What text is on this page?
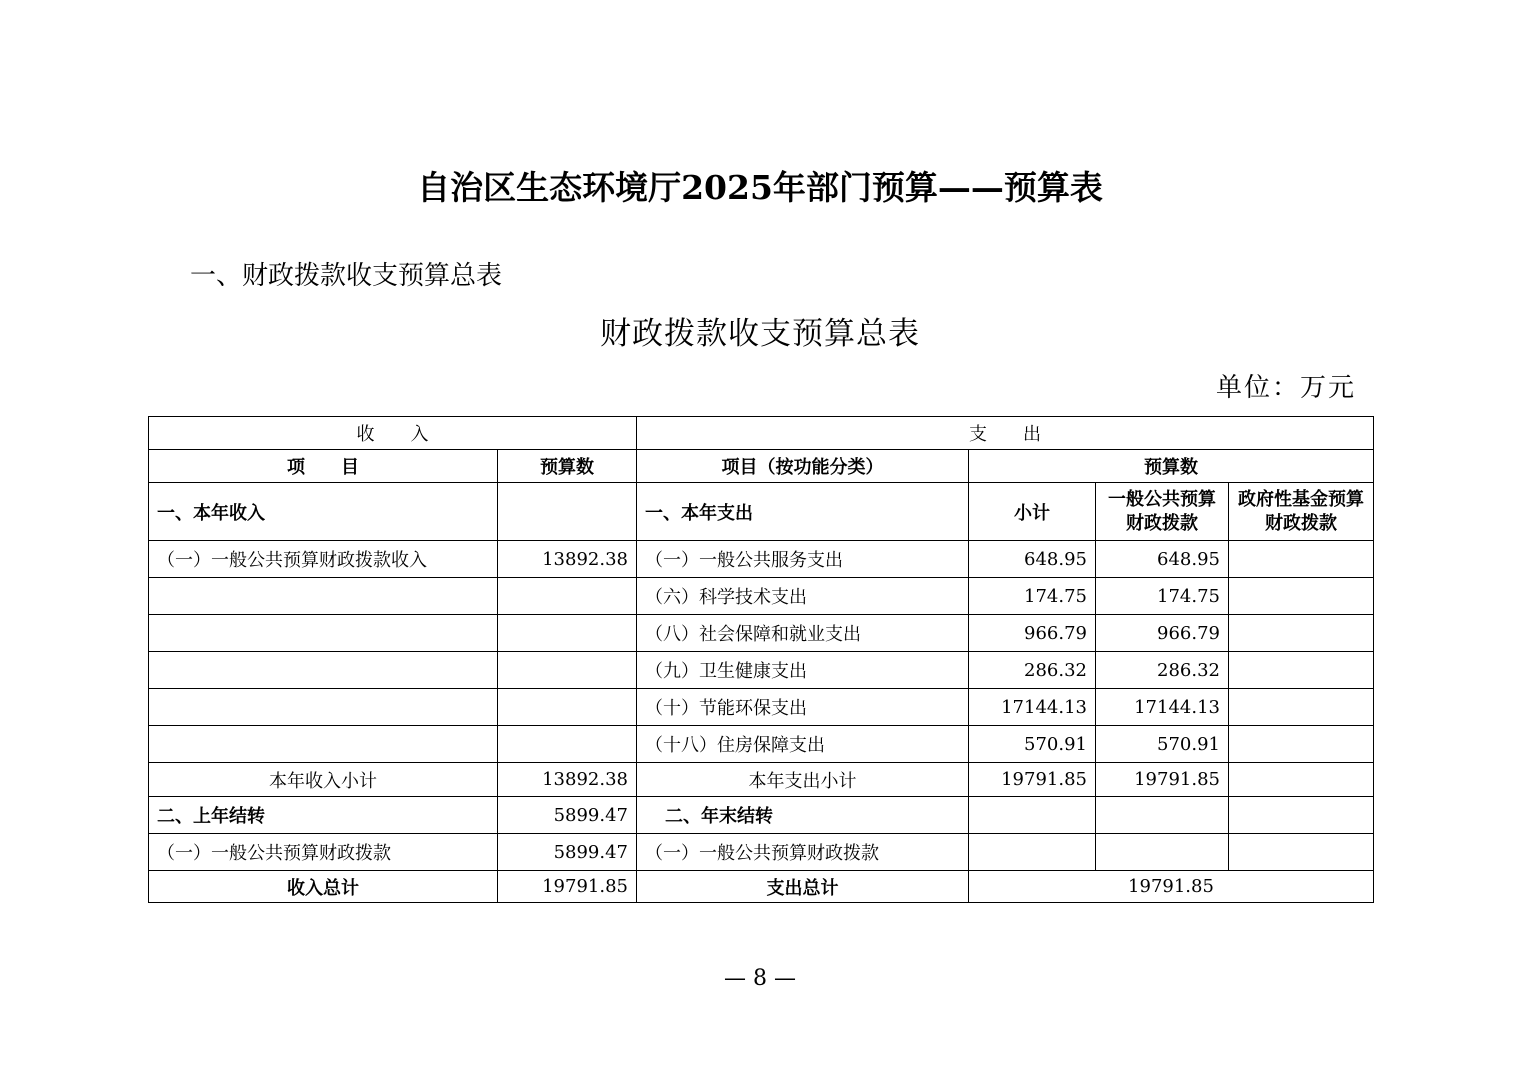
自治区生态环境厅2025年部门预算——预算表
一、财政拨款收支预算总表
财政拨款收支预算总表
单位：万元
收　　入		支　　出			
项　　目	预算数	项目（按功能分类）	预算数		
一、本年收入		一、本年支出	小计	一般公共预算财政拨款	政府性基金预算财政拨款
（一）一般公共预算财政拨款收入	13892.38	（一）一般公共服务支出	648.95	648.95	
		（六）科学技术支出	174.75	174.75	
		（八）社会保障和就业支出	966.79	966.79	
		（九）卫生健康支出	286.32	286.32	
		（十）节能环保支出	17144.13	17144.13	
		（十八）住房保障支出	570.91	570.91	
本年收入小计	13892.38	本年支出小计	19791.85	19791.85	
二、上年结转	5899.47	二、年末结转			
（一）一般公共预算财政拨款	5899.47	（一）一般公共预算财政拨款			
收入总计	19791.85	支出总计	19791.85		
— 8 —
